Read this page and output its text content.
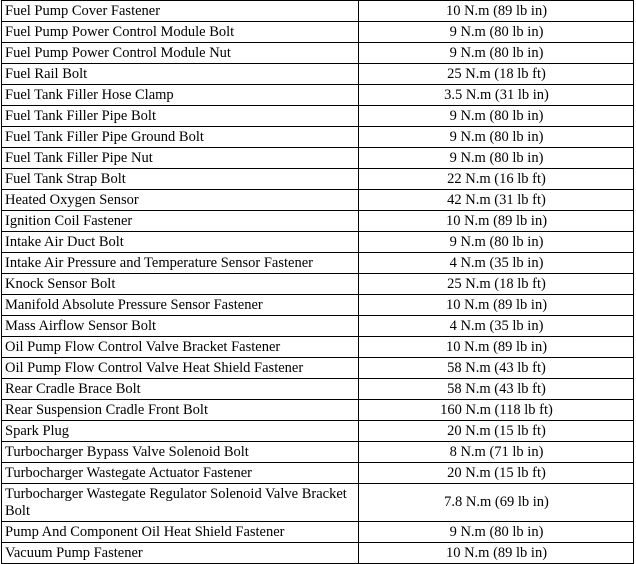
Fuel Pump Cover Fastener	10 N.m (89 lb in)
Fuel Pump Power Control Module Bolt	9 N.m (80 lb in)
Fuel Pump Power Control Module Nut	9 N.m (80 lb in)
Fuel Rail Bolt	25 N.m (18 lb ft)
Fuel Tank Filler Hose Clamp	3.5 N.m (31 lb in)
Fuel Tank Filler Pipe Bolt	9 N.m (80 lb in)
Fuel Tank Filler Pipe Ground Bolt	9 N.m (80 lb in)
Fuel Tank Filler Pipe Nut	9 N.m (80 lb in)
Fuel Tank Strap Bolt	22 N.m (16 lb ft)
Heated Oxygen Sensor	42 N.m (31 lb ft)
Ignition Coil Fastener	10 N.m (89 lb in)
Intake Air Duct Bolt	9 N.m (80 lb in)
Intake Air Pressure and Temperature Sensor Fastener	4 N.m (35 lb in)
Knock Sensor Bolt	25 N.m (18 lb ft)
Manifold Absolute Pressure Sensor Fastener	10 N.m (89 lb in)
Mass Airflow Sensor Bolt	4 N.m (35 lb in)
Oil Pump Flow Control Valve Bracket Fastener	10 N.m (89 lb in)
Oil Pump Flow Control Valve Heat Shield Fastener	58 N.m (43 lb ft)
Rear Cradle Brace Bolt	58 N.m (43 lb ft)
Rear Suspension Cradle Front Bolt	160 N.m (118 lb ft)
Spark Plug	20 N.m (15 lb ft)
Turbocharger Bypass Valve Solenoid Bolt	8 N.m (71 lb in)
Turbocharger Wastegate Actuator Fastener	20 N.m (15 lb ft)
Turbocharger Wastegate Regulator Solenoid Valve Bracket Bolt	7.8 N.m (69 lb in)
Pump And Component Oil Heat Shield Fastener	9 N.m (80 lb in)
Vacuum Pump Fastener	10 N.m (89 lb in)
